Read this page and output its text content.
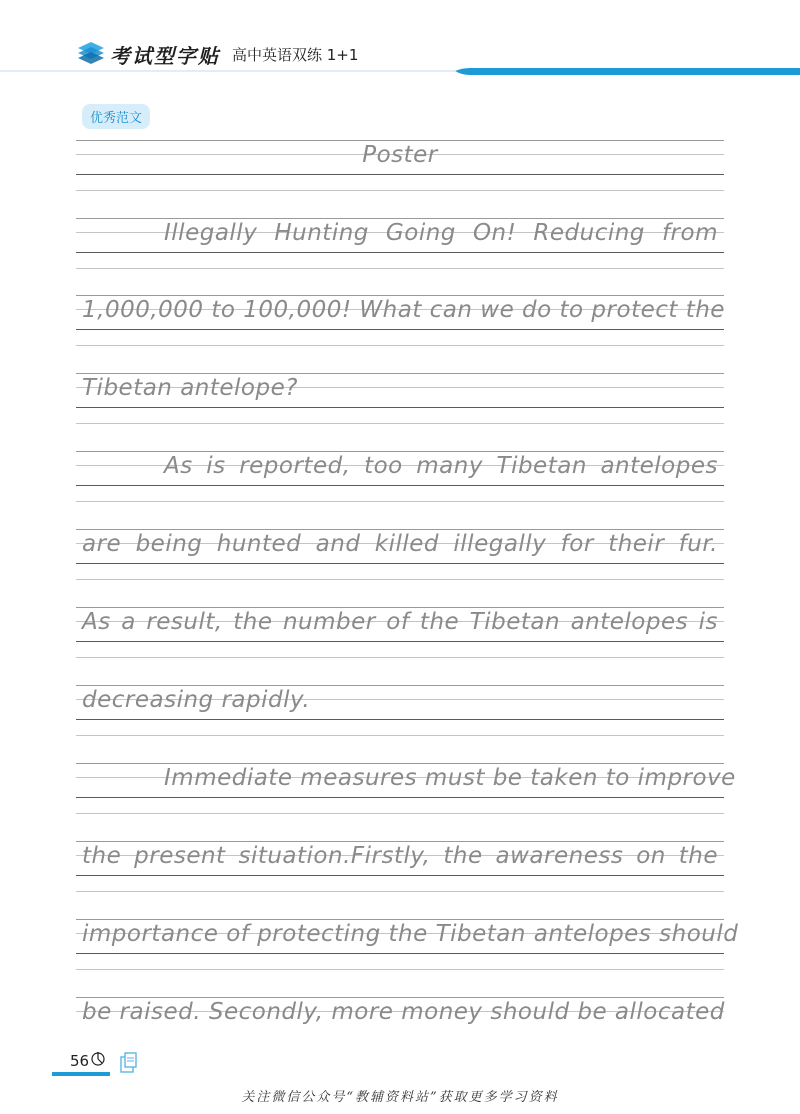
考试型字贴 高中英语双练 1+1
优秀范文
Poster
Illegally Hunting Going On! Reducing from
1,000,000 to 100,000! What can we do to protect the
Tibetan antelope?
As is reported, too many Tibetan antelopes
are being hunted and killed illegally for their fur.
As a result, the number of the Tibetan antelopes is
decreasing rapidly.
Immediate measures must be taken to improve
the present situation.Firstly, the awareness on the
importance of protecting the Tibetan antelopes should
be raised. Secondly, more money should be allocated
56
关注微信公众号“教辅资料站”获取更多学习资料
